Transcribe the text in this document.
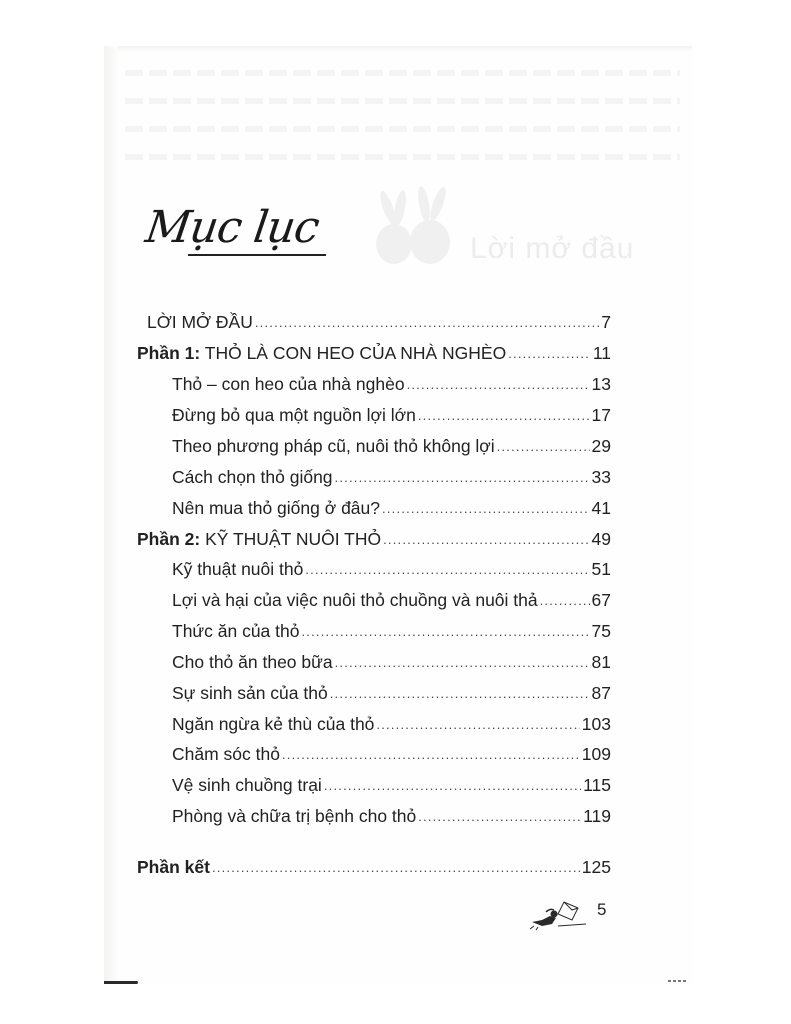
Lời mở đầu
Mục lục
LỜI MỞ ĐẦU .....	7
Phần 1: THỎ LÀ CON HEO CỦA NHÀ NGHÈO .....	11
Thỏ – con heo của nhà nghèo .....	13
Đừng bỏ qua một nguồn lợi lớn .....	17
Theo phương pháp cũ, nuôi thỏ không lợi .....	29
Cách chọn thỏ giống .....	33
Nên mua thỏ giống ở đâu? .....	41
Phần 2: KỸ THUẬT NUÔI THỎ .....	49
Kỹ thuật nuôi thỏ .....	51
Lợi và hại của việc nuôi thỏ chuồng và nuôi thả .....	67
Thức ăn của thỏ .....	75
Cho thỏ ăn theo bữa .....	81
Sự sinh sản của thỏ .....	87
Ngăn ngừa kẻ thù của thỏ .....	103
Chăm sóc thỏ .....	109
Vệ sinh chuồng trại .....	115
Phòng và chữa trị bệnh cho thỏ .....	119
Phần kết .....	125
5
